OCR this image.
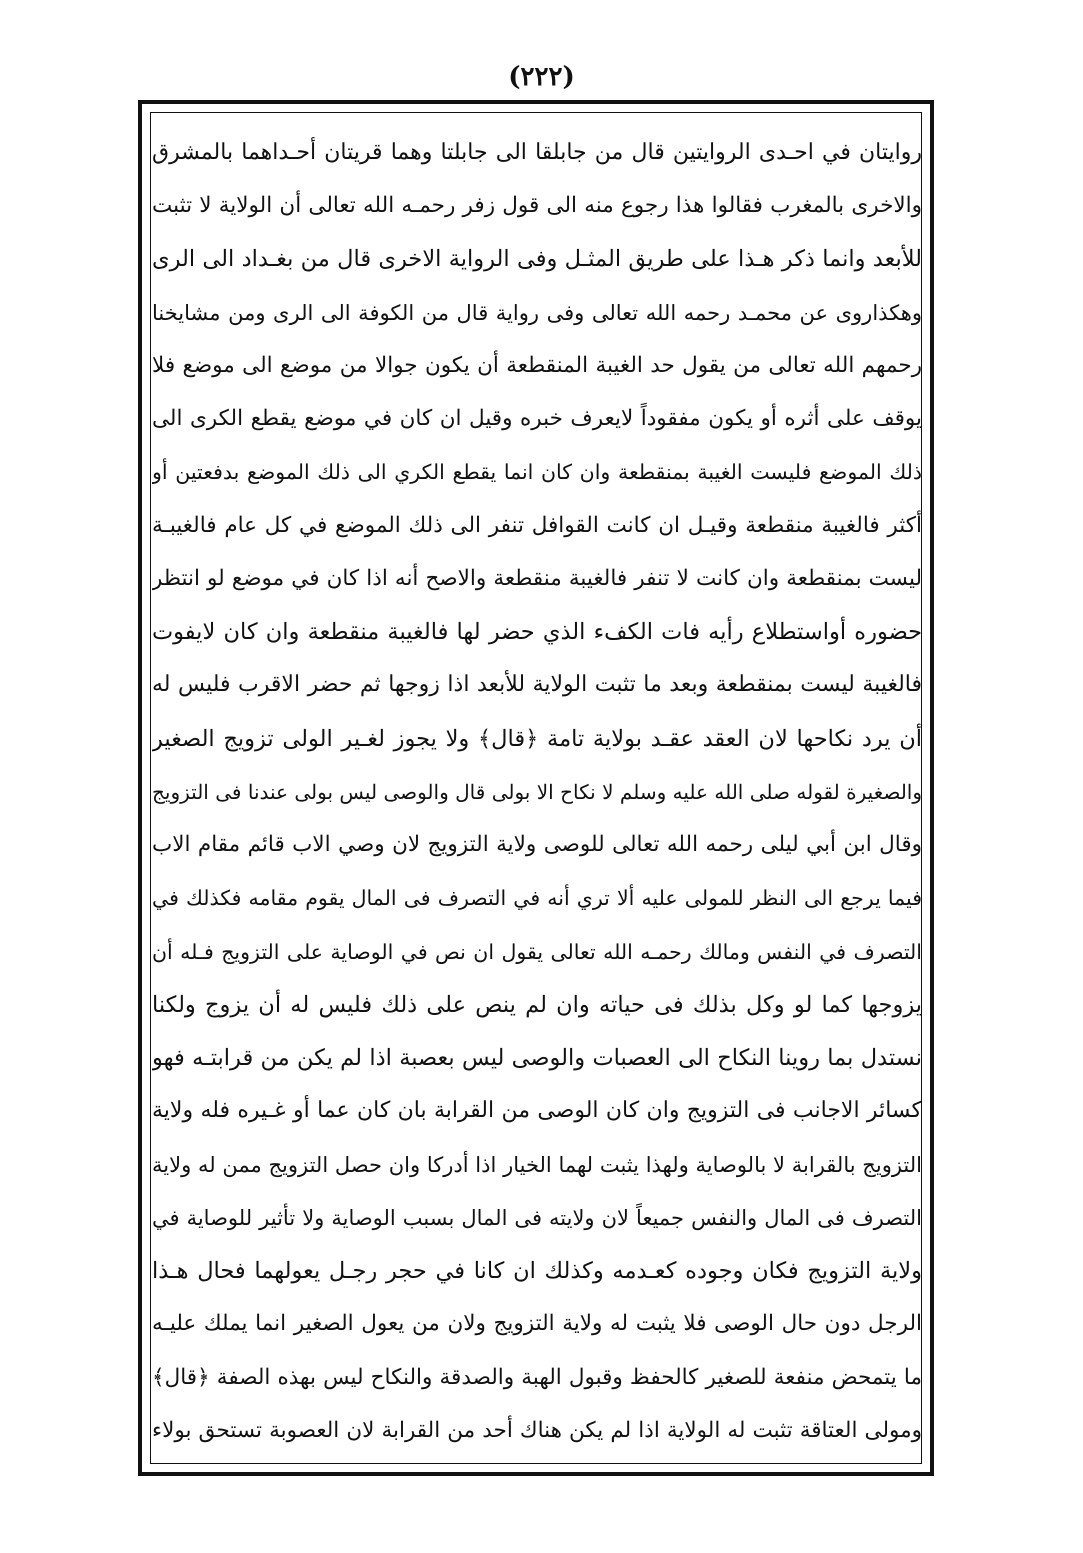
(٢٢٢)
روايتان في احـدى الروايتين قال من جابلقا الى جابلتا وهما قريتان أحـداهما بالمشرق
والاخرى بالمغرب فقالوا هذا رجوع منه الى قول زفر رحمـه الله تعالى أن الولاية لا تثبت
للأبعد وانما ذكر هـذا على طريق المثـل وفى الرواية الاخرى قال من بغـداد الى الرى
وهكذاروى عن محمـد رحمه الله تعالى وفى رواية قال من الكوفة الى الرى ومن مشايخنا
رحمهم الله تعالى من يقول حد الغيبة المنقطعة أن يكون جوالا من موضع الى موضع فلا
يوقف على أثره أو يكون مفقوداً لايعرف خبره وقيل ان كان في موضع يقطع الكرى الى
ذلك الموضع فليست الغيبة بمنقطعة وان كان انما يقطع الكري الى ذلك الموضع بدفعتين أو
أكثر فالغيبة منقطعة وقيـل ان كانت القوافل تنفر الى ذلك الموضع في كل عام فالغيبـة
ليست بمنقطعة وان كانت لا تنفر فالغيبة منقطعة والاصح أنه اذا كان في موضع لو انتظر
حضوره أواستطلاع رأيه فات الكفء الذي حضر لها فالغيبة منقطعة وان كان لايفوت
فالغيبة ليست بمنقطعة وبعد ما تثبت الولاية للأبعد اذا زوجها ثم حضر الاقرب فليس له
أن يرد نكاحها لان العقد عقـد بولاية تامة ﴿قال﴾ ولا يجوز لغـير الولى تزويج الصغير
والصغيرة لقوله صلى الله عليه وسلم لا نكاح الا بولى قال والوصى ليس بولى عندنا فى التزويج
وقال ابن أبي ليلى رحمه الله تعالى للوصى ولاية التزويج لان وصي الاب قائم مقام الاب
فيما يرجع الى النظر للمولى عليه ألا تري أنه في التصرف فى المال يقوم مقامه فكذلك في
التصرف في النفس ومالك رحمـه الله تعالى يقول ان نص في الوصاية على التزويج فـله أن
يزوجها كما لو وكل بذلك فى حياته وان لم ينص على ذلك فليس له أن يزوج ولكنا
نستدل بما روينا النكاح الى العصبات والوصى ليس بعصبة اذا لم يكن من قرابتـه فهو
كسائر الاجانب فى التزويج وان كان الوصى من القرابة بان كان عما أو غـيره فله ولاية
التزويج بالقرابة لا بالوصاية ولهذا يثبت لهما الخيار اذا أدركا وان حصل التزويج ممن له ولاية
التصرف فى المال والنفس جميعاً لان ولايته فى المال بسبب الوصاية ولا تأثير للوصاية في
ولاية التزويج فكان وجوده كعـدمه وكذلك ان كانا في حجر رجـل يعولهما فحال هـذا
الرجل دون حال الوصى فلا يثبت له ولاية التزويج ولان من يعول الصغير انما يملك عليـه
ما يتمحض منفعة للصغير كالحفظ وقبول الهبة والصدقة والنكاح ليس بهذه الصفة ﴿قال﴾
ومولى العتاقة تثبت له الولاية اذا لم يكن هناك أحد من القرابة لان العصوبة تستحق بولاء
